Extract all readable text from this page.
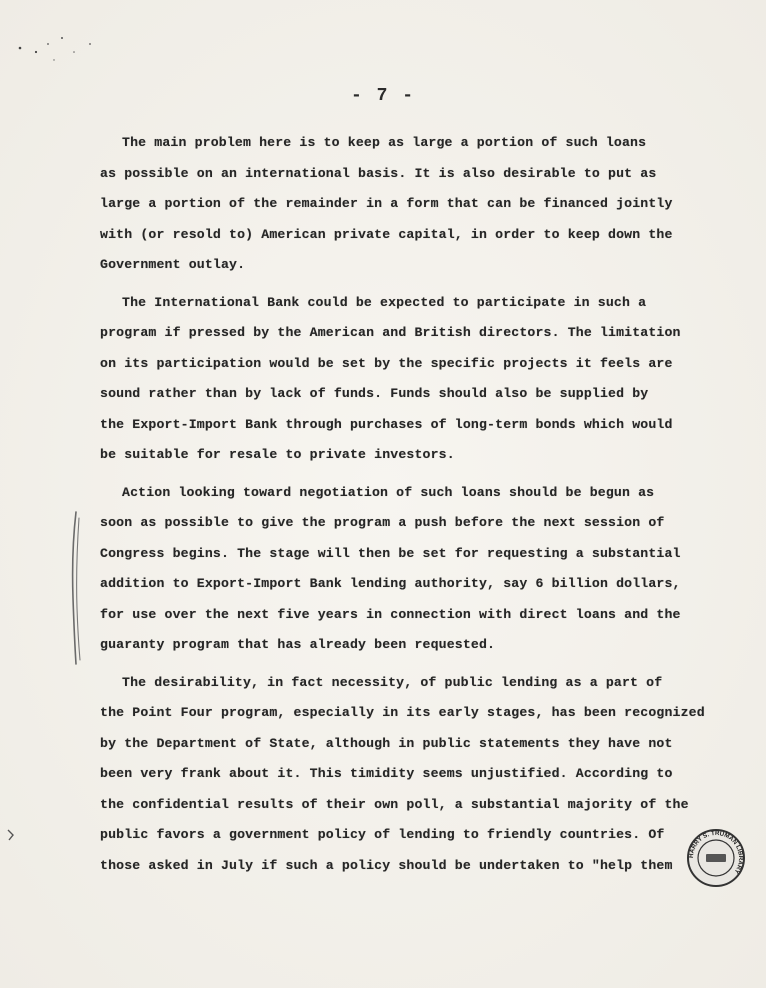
- 7 -
The main problem here is to keep as large a portion of such loans
as possible on an international basis. It is also desirable to put as
large a portion of the remainder in a form that can be financed jointly
with (or resold to) American private capital, in order to keep down the
Government outlay.
The International Bank could be expected to participate in such a
program if pressed by the American and British directors. The limitation
on its participation would be set by the specific projects it feels are
sound rather than by lack of funds. Funds should also be supplied by
the Export-Import Bank through purchases of long-term bonds which would
be suitable for resale to private investors.
Action looking toward negotiation of such loans should be begun as
soon as possible to give the program a push before the next session of
Congress begins. The stage will then be set for requesting a substantial
addition to Export-Import Bank lending authority, say 6 billion dollars,
for use over the next five years in connection with direct loans and the
guaranty program that has already been requested.
The desirability, in fact necessity, of public lending as a part of
the Point Four program, especially in its early stages, has been recognized
by the Department of State, although in public statements they have not
been very frank about it. This timidity seems unjustified. According to
the confidential results of their own poll, a substantial majority of the
public favors a government policy of lending to friendly countries. Of
those asked in July if such a policy should be undertaken to "help them
HARRY S. TRUMAN LIBRARY
